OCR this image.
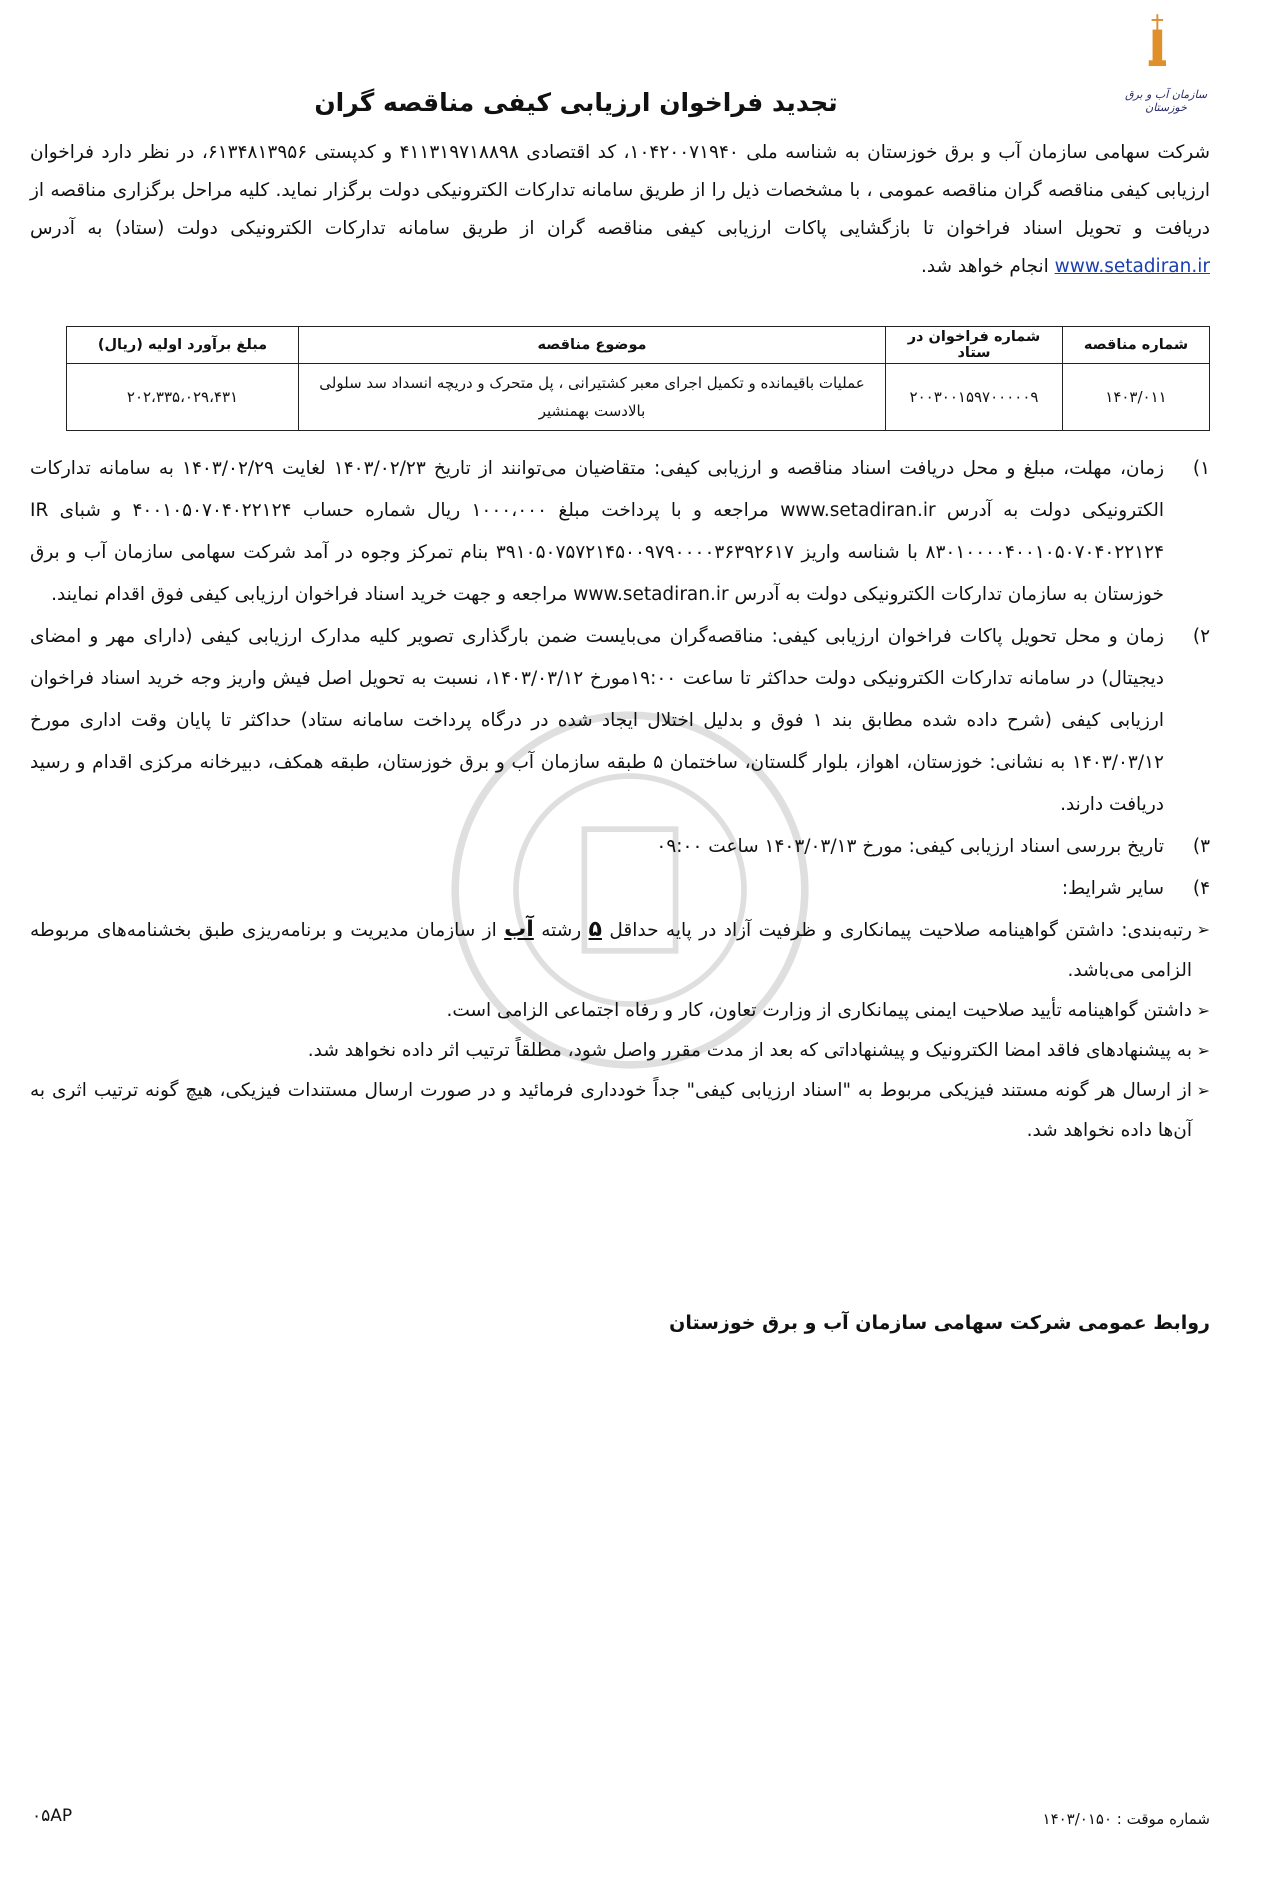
سازمان آب و برق خوزستان
تجدید فراخوان ارزیابی کیفی مناقصه گران

شرکت سهامی سازمان آب و برق خوزستان به شناسه ملی ۱۰۴۲۰۰۷۱۹۴۰، کد اقتصادی ۴۱۱۳۱۹۷۱۸۸۹۸ و کدپستی ۶۱۳۴۸۱۳۹۵۶، در نظر دارد فراخوان ارزیابی کیفی مناقصه گران مناقصه عمومی ، با مشخصات ذیل را از طریق سامانه تدارکات الکترونیکی دولت برگزار نماید. کلیه مراحل برگزاری مناقصه از دریافت و تحویل اسناد فراخوان تا بازگشایی پاکات ارزیابی کیفی مناقصه گران از طریق سامانه تدارکات الکترونیکی دولت (ستاد) به آدرس www.setadiran.ir انجام خواهد شد.

شماره مناقصه	شماره فراخوان در ستاد	موضوع مناقصه	مبلغ برآورد اولیه (ریال)
۱۴۰۳/۰۱۱	۲۰۰۳۰۰۱۵۹۷۰۰۰۰۰۹	عملیات باقیمانده و تکمیل اجرای معبر کشتیرانی ، پل متحرک و دریچه انسداد سد سلولی بالادست بهمنشیر	۲۰۲،۳۳۵،۰۲۹،۴۳۱
۱)
زمان، مهلت، مبلغ و محل دریافت اسناد مناقصه و ارزیابی کیفی: متقاضیان می‌توانند از تاریخ ۱۴۰۳/۰۲/۲۳ لغایت ۱۴۰۳/۰۲/۲۹ به سامانه تدارکات الکترونیکی دولت به آدرس www.setadiran.ir مراجعه و با پرداخت مبلغ ۱۰۰۰،۰۰۰ ریال شماره حساب ۴۰۰۱۰۵۰۷۰۴۰۲۲۱۲۴ و شبای IR ۸۳۰۱۰۰۰۰۴۰۰۱۰۵۰۷۰۴۰۲۲۱۲۴ با شناسه واریز ۳۹۱۰۵۰۷۵۷۲۱۴۵۰۰۹۷۹۰۰۰۰۳۶۳۹۲۶۱۷ بنام تمرکز وجوه در آمد شرکت سهامی سازمان آب و برق خوزستان به سازمان تدارکات الکترونیکی دولت به آدرس www.setadiran.ir مراجعه و جهت خرید اسناد فراخوان ارزیابی کیفی فوق اقدام نمایند.
۲)
زمان و محل تحویل پاکات فراخوان ارزیابی کیفی: مناقصه‌گران می‌بایست ضمن بارگذاری تصویر کلیه مدارک ارزیابی کیفی (دارای مهر و امضای دیجیتال) در سامانه تدارکات الکترونیکی دولت حداکثر تا ساعت ۱۹:۰۰مورخ ۱۴۰۳/۰۳/۱۲، نسبت به تحویل اصل فیش واریز وجه خرید اسناد فراخوان ارزیابی کیفی (شرح داده شده مطابق بند ۱ فوق و بدلیل اختلال ایجاد شده در درگاه پرداخت سامانه ستاد) حداکثر تا پایان وقت اداری مورخ ۱۴۰۳/۰۳/۱۲ به نشانی: خوزستان، اهواز، بلوار گلستان، ساختمان ۵ طبقه سازمان آب و برق خوزستان، طبقه همکف، دبیرخانه مرکزی اقدام و رسید دریافت دارند.
۳)
تاریخ بررسی اسناد ارزیابی کیفی: مورخ ۱۴۰۳/۰۳/۱۳ ساعت ۰۹:۰۰
۴)
سایر شرایط:
➢
رتبه‌بندی: داشتن گواهینامه صلاحیت پیمانکاری و ظرفیت آزاد در پایه حداقل ۵ رشته آب از سازمان مدیریت و برنامه‌ریزی طبق بخشنامه‌های مربوطه الزامی می‌باشد.
➢
داشتن گواهینامه تأیید صلاحیت ایمنی پیمانکاری از وزارت تعاون، کار و رفاه اجتماعی الزامی است.
➢
به پیشنهادهای فاقد امضا الکترونیک و پیشنهاداتی که بعد از مدت مقرر واصل شود، مطلقاً ترتیب اثر داده نخواهد شد.
➢
از ارسال هر گونه مستند فیزیکی مربوط به "اسناد ارزیابی کیفی" جداً خودداری فرمائید و در صورت ارسال مستندات فیزیکی، هیچ گونه ترتیب اثری به آن‌ها داده نخواهد شد.

روابط عمومی شرکت سهامی سازمان آب و برق خوزستان

شماره موقت : ۱۴۰۳/۰۱۵۰
۰۵AP
